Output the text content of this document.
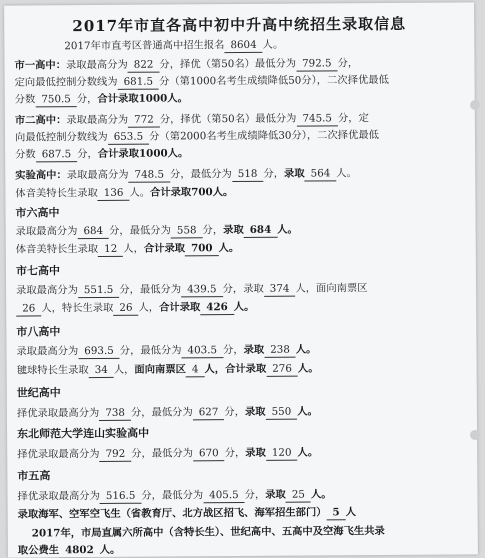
2017年市直各高中初中升高中统招生录取信息
2017年市直考区普通高中招生报名 8604 人。
市一高中：录取最高分为 822 分，择优（第50名）最低分为 792.5 分，
定向最低控制分数线为 681.5 分（第1000名考生成绩降低50分），二次择优最低
分数 750.5 分，合计录取1000人。
市二高中：录取最高分为 772 分，择优（第50名）最低分为 745.5 分，定
向最低控制分数线为 653.5 分（第2000名考生成绩降低30分），二次择优最低
分数 687.5 分，合计录取1000人。
实验高中：录取最高分为 748.5 分，最低分为 518 分，录取 564 人。
体音美特长生录取 136 人。合计录取700人。
市六高中
录取最高分为 684 分，最低分为 558 分，录取 684 人。
体音美特长生录取 12 人，合计录取 700 人。
市七高中
录取最高分为 551.5 分，最低分为 439.5 分，录取 374 人，面向南票区
26 人，特长生录取 26 人，合计录取 426 人。
市八高中
录取最高分为 693.5 分，最低分为 403.5 分，录取 238 人。
毽球特长生录取 34 人，面向南票区 4 人，合计录取 276 人。
世纪高中
择优录取最高分为 738 分，最低分为 627 分，录取 550 人。
东北师范大学连山实验高中
择优录取最高分为 792 分，最低分为 670 分，录取 120 人。
市五高
择优录取最高分为 516.5 分，最低分为 405.5 分，录取 25 人。
录取海军、空军空飞生（省教育厅、北方战区招飞、海军招生部门） 5 人
2017年，市局直属六所高中（含特长生）、世纪高中、五高中及空海飞生共录
取公费生 4802 人。
